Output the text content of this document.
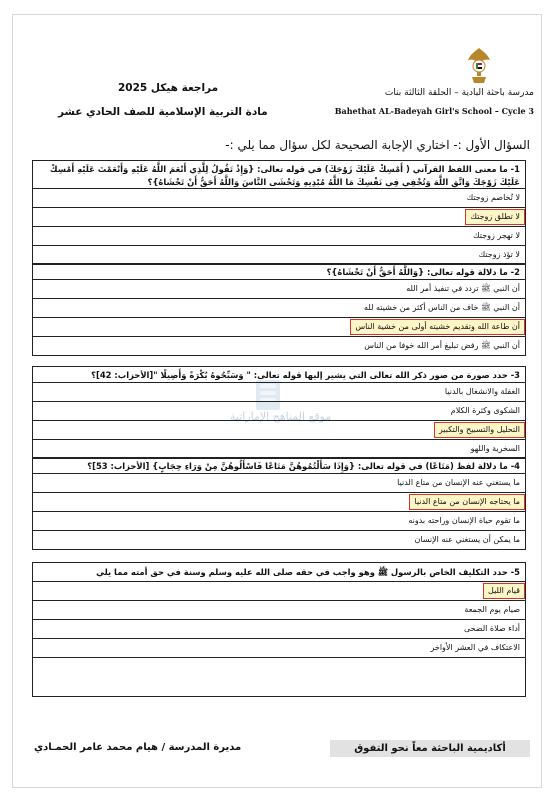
مدرسة باحثة البادية – الحلقة الثالثة بنات
Bahethat AL-Badeyah Girl's School – Cycle 3
مراجعة هيكل 2025
مادة التربية الإسلامية للصف الحادي عشر
السؤال الأول :- اختاري الإجابة الصحيحة لكل سؤال مما يلي :-
موقع المناهج الإماراتية
1- ما معنى اللفظ القرآني ( أَمْسِكْ عَلَيْكَ زَوْجَكَ) في قوله تعالى: {وَإِذْ تَقُولُ لِلَّذِي أَنْعَمَ اللَّهُ عَلَيْهِ وَأَنْعَمْتَ عَلَيْهِ أَمْسِكْ عَلَيْكَ زَوْجَكَ وَاتَّقِ اللَّهَ وَتُخْفِي فِي نَفْسِكَ مَا اللَّهُ مُبْدِيهِ وَتَخْشَى النَّاسَ وَاللَّهُ أَحَقُّ أَنْ تَخْشَاهُ}؟
لا تُخاصم زوجتك
لا تطلق زوجتك
لا تهجر زوجتك
لا تؤذ زوجتك
2- ما دلالة قوله تعالى: {وَاللَّهُ أَحَقُّ أَنْ تَخْشَاهُ}؟
أن النبي ﷺ تردد في تنفيذ أمر الله
أن النبي ﷺ خاف من الناس أكثر من خشيته لله
أن طاعة الله وتقديم خشيته أولى من خشية الناس
أن النبي ﷺ رفض تبليغ أمر الله خوفا من الناس
3- حدد صورة من صور ذكر الله تعالى التي يشير إليها قوله تعالى: " وَسَبِّحُوهُ بُكْرَةً وَأَصِيلًا "[الأحزاب: 42]؟
الغفلة والانشغال بالدنيا
الشكوى وكثرة الكلام
التحليل والتسبيح والتكبير
السخرية واللهو
4- ما دلالة لفظ (مَتَاعًا) في قوله تعالى: {وَإِذَا سَأَلْتُمُوهُنَّ مَتَاعًا فَاسْأَلُوهُنَّ مِنْ وَرَاءِ حِجَابٍ} [الأحزاب: 53]؟
ما يستغني عنه الإنسان من متاع الدنيا
ما يحتاجه الإنسان من متاع الدنيا
ما تقوم حياة الإنسان وراحته بدونه
ما يمكن أن يستغني عنه الإنسان
5- حدد التكليف الخاص بالرسول ﷺ وهو واجب في حقه صلى الله عليه وسلم وسنة في حق أمته مما يلي
قيام الليل
صيام يوم الجمعة
أداء صلاة الضحى
الاعتكاف في العشر الأواخر
أكاديمية الباحثة معاً نحو التفوق
مديرة المدرسة / هيام محمد عامر الحمـادي
